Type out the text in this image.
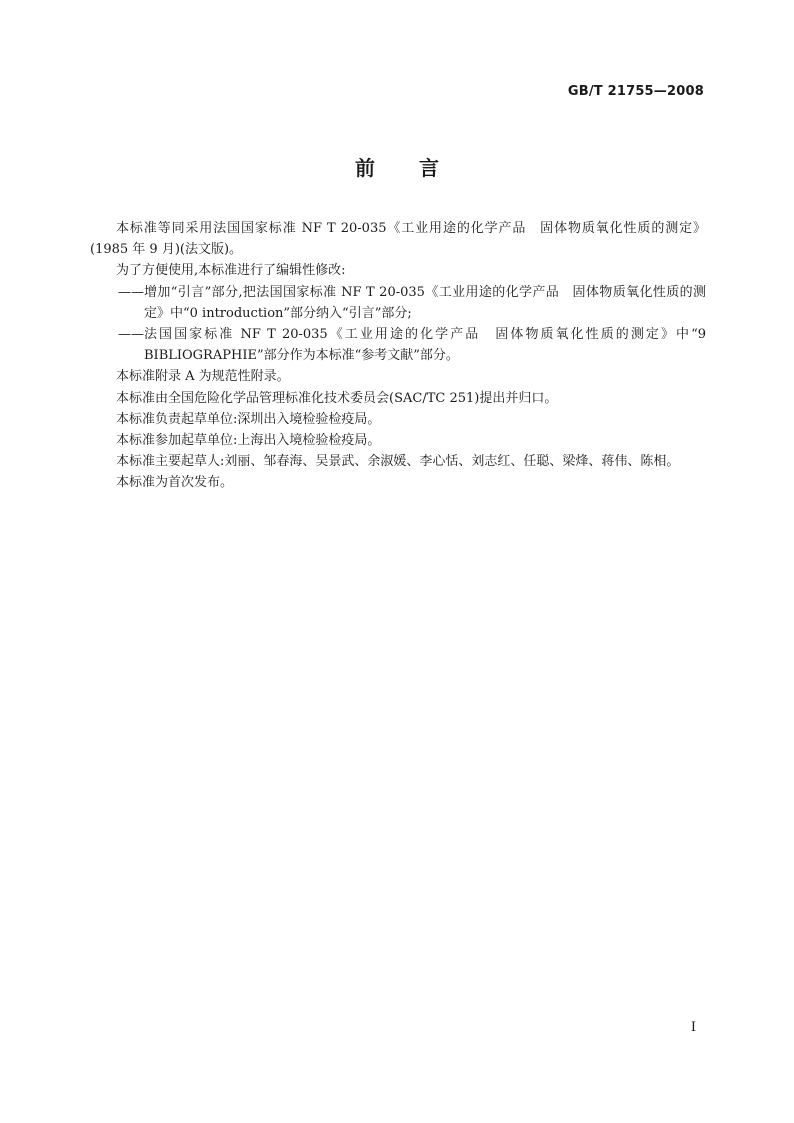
GB/T 21755—2008
前言

本标准等同采用法国国家标准 NF T 20-035《工业用途的化学产品　固体物质氧化性质的测定》(1985 年 9 月)(法文版)。

为了方便使用,本标准进行了编辑性修改:

—— 增加“引言”部分,把法国国家标准 NF T 20-035《工业用途的化学产品　固体物质氧化性质的测定》中“0 introduction”部分纳入“引言”部分;

—— 法国国家标准 NF T 20-035《工业用途的化学产品　固体物质氧化性质的测定》中“9 BIBLIOGRAPHIE”部分作为本标准“参考文献”部分。

本标准附录 A 为规范性附录。

本标准由全国危险化学品管理标准化技术委员会(SAC/TC 251)提出并归口。

本标准负责起草单位:深圳出入境检验检疫局。

本标准参加起草单位:上海出入境检验检疫局。

本标准主要起草人:刘丽、邹春海、吴景武、余淑媛、李心恬、刘志红、任聪、梁烽、蒋伟、陈相。

本标准为首次发布。

I
